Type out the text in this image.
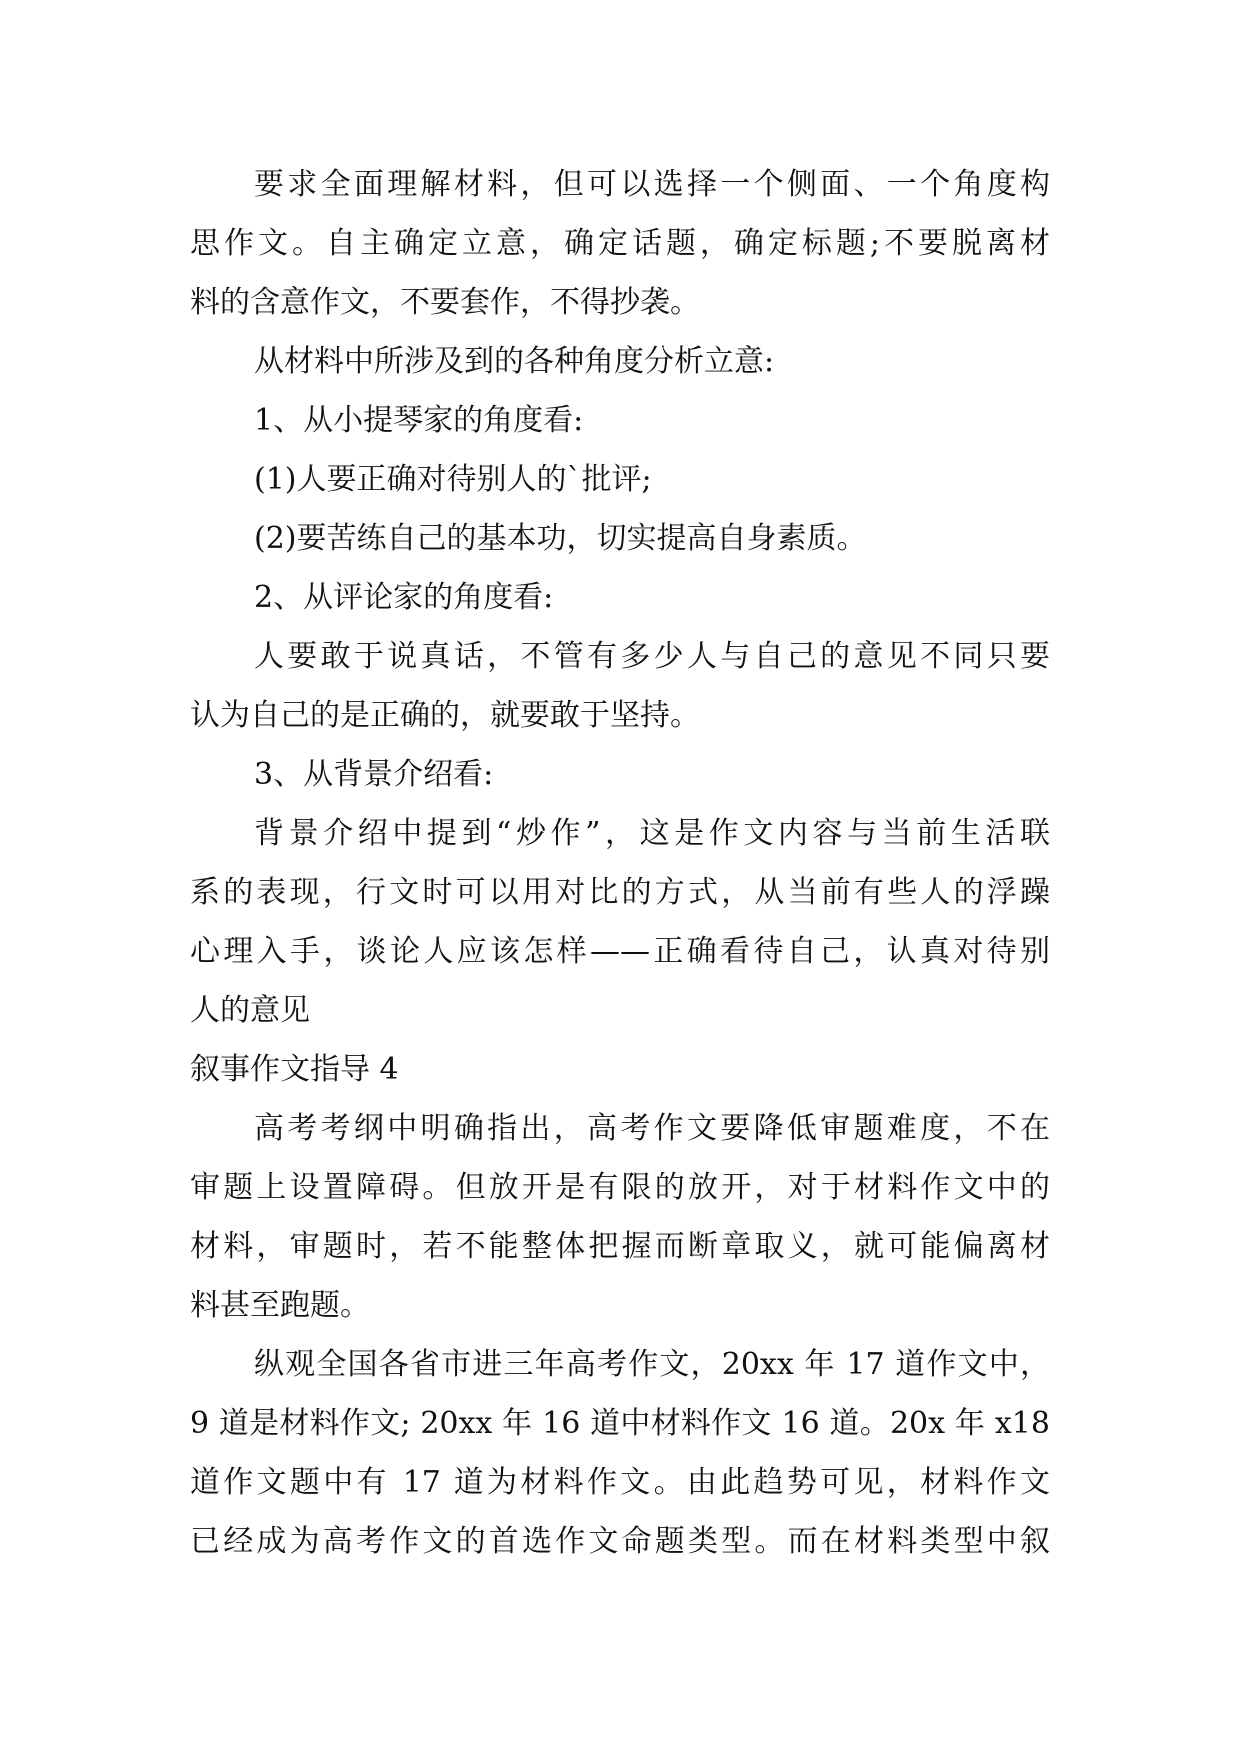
要求全面理解材料，但可以选择一个侧面、一个角度构
思作文。自主确定立意，确定话题，确定标题;不要脱离材
料的含意作文，不要套作，不得抄袭。
从材料中所涉及到的各种角度分析立意:
1、从小提琴家的角度看:
(1)人要正确对待别人的`批评;
(2)要苦练自己的基本功，切实提高自身素质。
2、从评论家的角度看:
人要敢于说真话，不管有多少人与自己的意见不同只要
认为自己的是正确的，就要敢于坚持。
3、从背景介绍看:
背景介绍中提到“炒作”，这是作文内容与当前生活联
系的表现，行文时可以用对比的方式，从当前有些人的浮躁
心理入手，谈论人应该怎样——正确看待自己，认真对待别
人的意见
叙事作文指导 4
高考考纲中明确指出，高考作文要降低审题难度，不在
审题上设置障碍。但放开是有限的放开，对于材料作文中的
材料，审题时，若不能整体把握而断章取义，就可能偏离材
料甚至跑题。
纵观全国各省市进三年高考作文，20xx 年 17 道作文中，
9 道是材料作文; 20xx 年 16 道中材料作文 16 道。20x 年 x18
道作文题中有 17 道为材料作文。由此趋势可见，材料作文
已经成为高考作文的首选作文命题类型。而在材料类型中叙
